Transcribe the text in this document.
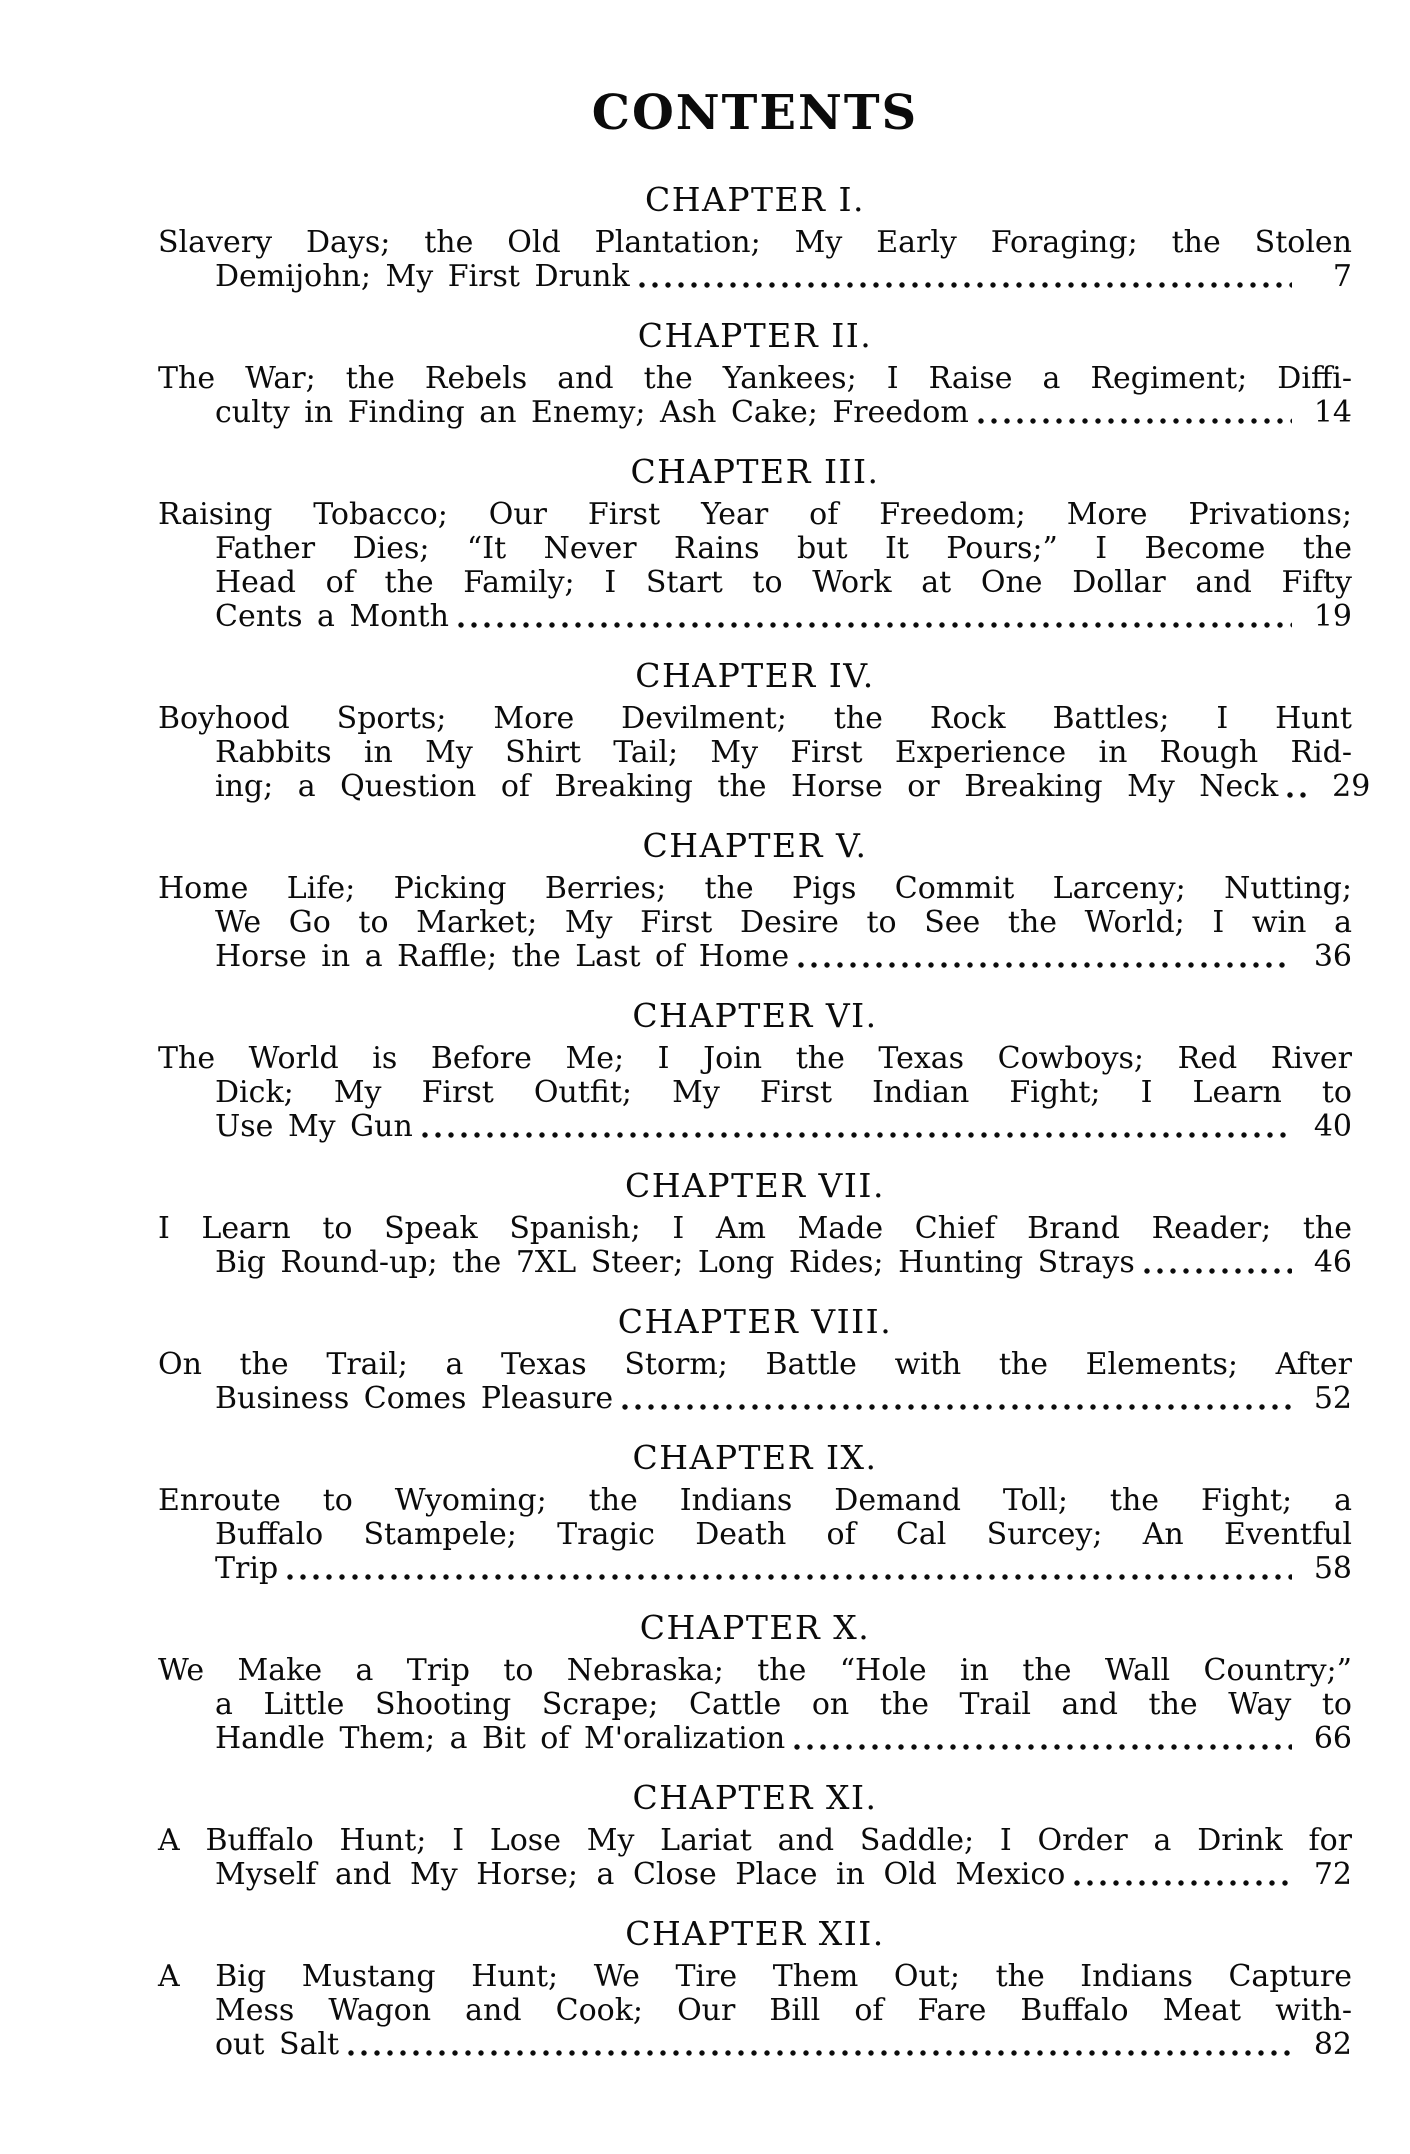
CONTENTS
CHAPTER I.

Slavery Days; the Old Plantation; My Early Foraging; the Stolen
Demijohn; My First Drunk	7

CHAPTER II.

The War; the Rebels and the Yankees; I Raise a Regiment; Diffi-
culty in Finding an Enemy; Ash Cake; Freedom	14

CHAPTER III.

Raising Tobacco; Our First Year of Freedom; More Privations;
Father Dies; “It Never Rains but It Pours;” I Become the
Head of the Family; I Start to Work at One Dollar and Fifty
Cents a Month	19

CHAPTER IV.

Boyhood Sports; More Devilment; the Rock Battles; I Hunt
Rabbits in My Shirt Tail; My First Experience in Rough Rid-
ing; a Question of Breaking the Horse or Breaking My Neck	29

CHAPTER V.

Home Life; Picking Berries; the Pigs Commit Larceny; Nutting;
We Go to Market; My First Desire to See the World; I win a
Horse in a Raffle; the Last of Home	36

CHAPTER VI.

The World is Before Me; I Join the Texas Cowboys; Red River
Dick; My First Outfit; My First Indian Fight; I Learn to
Use My Gun	40

CHAPTER VII.

I Learn to Speak Spanish; I Am Made Chief Brand Reader; the
Big Round-up; the 7XL Steer; Long Rides; Hunting Strays	46

CHAPTER VIII.

On the Trail; a Texas Storm; Battle with the Elements; After
Business Comes Pleasure	52

CHAPTER IX.

Enroute to Wyoming; the Indians Demand Toll; the Fight; a
Buffalo Stampele; Tragic Death of Cal Surcey; An Eventful
Trip	58

CHAPTER X.

We Make a Trip to Nebraska; the “Hole in the Wall Country;”
a Little Shooting Scrape; Cattle on the Trail and the Way to
Handle Them; a Bit of M'oralization	66

CHAPTER XI.

A Buffalo Hunt; I Lose My Lariat and Saddle; I Order a Drink for
Myself and My Horse; a Close Place in Old Mexico	72

CHAPTER XII.

A Big Mustang Hunt; We Tire Them Out; the Indians Capture
Mess Wagon and Cook; Our Bill of Fare Buffalo Meat with-
out Salt	82
